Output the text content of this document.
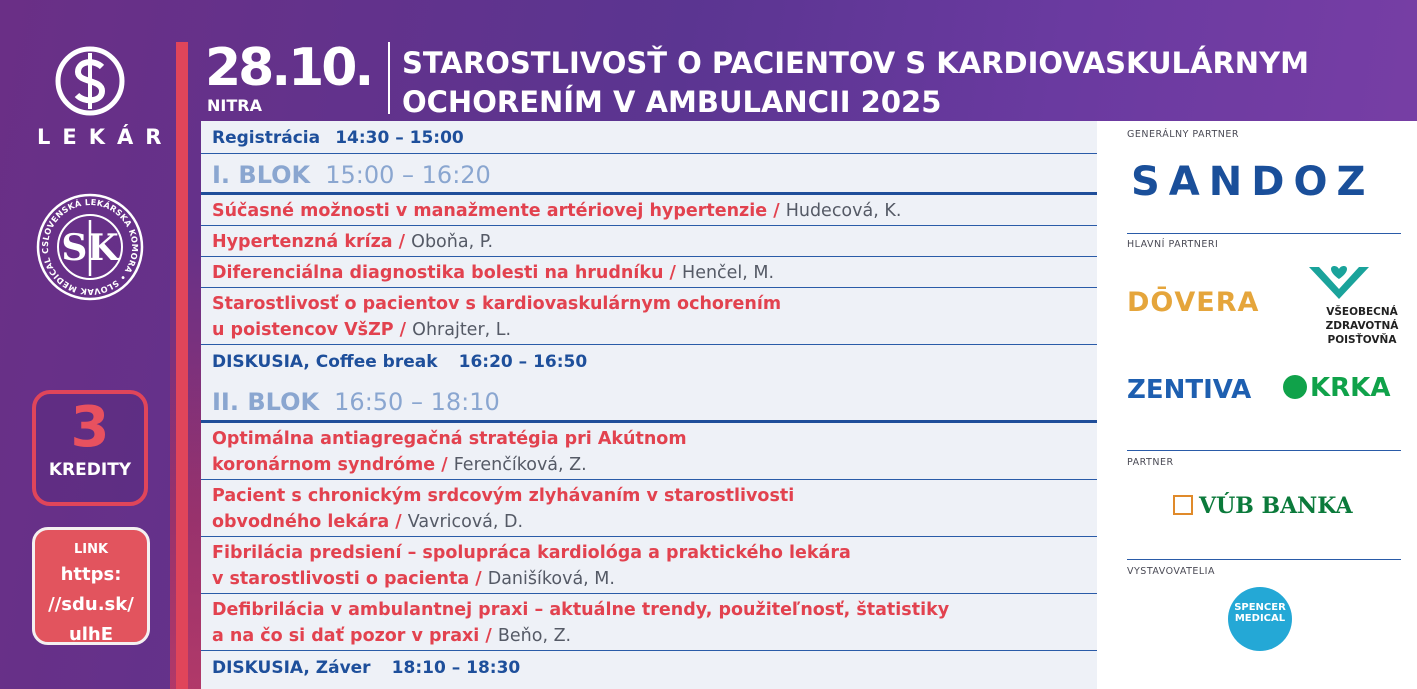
LEKÁR
SLOVENSKÁ LEKÁRSKA KOMORA • SLOVAK MEDICAL C SK
3
KREDITY
LINK
https:
//sdu.sk/
ulhE
28.10.
NITRA
STAROSTLIVOSŤ O PACIENTOV S KARDIOVASKULÁRNYM
OCHORENÍM V AMBULANCII 2025
Registrácia 14:30 – 15:00
I. BLOK 15:00 – 16:20
Súčasné možnosti v manažmente artériovej hypertenzie / Hudecová, K.
Hypertenzná kríza / Oboňa, P.
Diferenciálna diagnostika bolesti na hrudníku / Henčel, M.
Starostlivosť o pacientov s kardiovaskulárnym ochorením
u poistencov VšZP / Ohrajter, L.
DISKUSIA, Coffee break 16:20 – 16:50
II. BLOK 16:50 – 18:10
Optimálna antiagregačná stratégia pri Akútnom
koronárnom syndróme / Ferenčíková, Z.
Pacient s chronickým srdcovým zlyhávaním v starostlivosti
obvodného lekára / Vavricová, D.
Fibrilácia predsiení – spolupráca kardiológa a praktického lekára
v starostlivosti o pacienta / Danišíková, M.
Defibrilácia v ambulantnej praxi – aktuálne trendy, použiteľnosť, štatistiky
a na čo si dať pozor v praxi / Beňo, Z.
DISKUSIA, Záver 18:10 – 18:30
GENERÁLNY PARTNER
SANDOZ
HLAVNÍ PARTNERI
DŌVERA	VŠEOBECNÁ
ZDRAVOTNÁ
POISŤOVŇA
ZENTIVA	KRKA
PARTNER
VÚB BANKA
VYSTAVOVATELIA
SPENCER
MEDICAL
